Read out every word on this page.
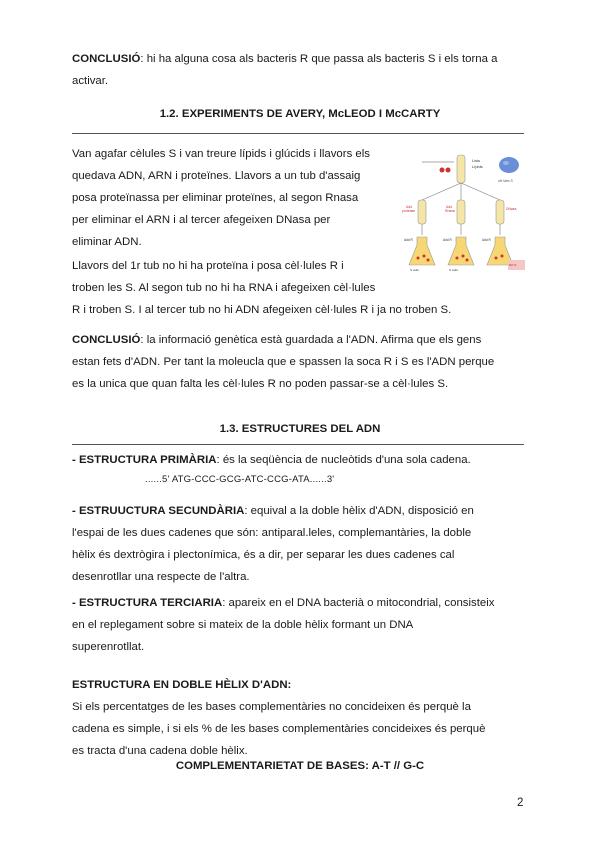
CONCLUSIÓ: hi ha alguna cosa als bacteris R que passa als bacteris S i els torna a

activar.

1.2. EXPERIMENTS DE AVERY, McLEOD I McCARTY

Van agafar cèlules S i van treure lípids i glúcids i llavors els

quedava ADN, ARN i proteïnes. Llavors a un tub d'assaig

posa proteïnassa per eliminar proteïnes, al segon Rnasa

per eliminar el ARN i al tercer afegeixen DNasa per

eliminar ADN.

Lisis
Lípids
cèl·lules S
Add
protease
Add
Rnasa	DNasa
Add R	Add R	Add R
NO S
S cells	S cells

Llavors del 1r tub no hi ha proteïna i posa cèl·lules R i

troben les S. Al segon tub no hi ha RNA i afegeixen cèl·lules

R i troben S. I al tercer tub no hi ADN afegeixen cèl·lules R i ja no troben S.

CONCLUSIÓ: la informació genètica està guardada a l'ADN. Afirma que els gens

estan fets d'ADN. Per tant la moleucla que e spassen la soca R i S es l'ADN perque

es la unica que quan falta les cèl·lules R no poden passar-se a cèl·lules S.

1.3. ESTRUCTURES DEL ADN

- ESTRUCTURA PRIMÀRIA: és la seqüència de nucleòtids d'una sola cadena.

......5' ATG-CCC-GCG-ATC-CCG-ATA......3'

- ESTRUUCTURA SECUNDÀRIA: equival a la doble hèlix d'ADN, disposició en

l'espai de les dues cadenes que són: antiparal.leles, complemantàries, la doble

hèlix és dextrògira i plectonímica, és a dir, per separar les dues cadenes cal

desenrotllar una respecte de l'altra.

- ESTRUCTURA TERCIARIA: apareix en el DNA bacterià o mitocondrial, consisteix

en el replegament sobre si mateix de la doble hèlix formant un DNA

superenrotllat.

ESTRUCTURA EN DOBLE HÈLIX D'ADN:

Si els percentatges de les bases complementàries no concideixen és perquè la

cadena es simple, i si els % de les bases complementàries concideixes és perquè

es tracta d'una cadena doble hèlix.

COMPLEMENTARIETAT DE BASES: A-T // G-C

2
